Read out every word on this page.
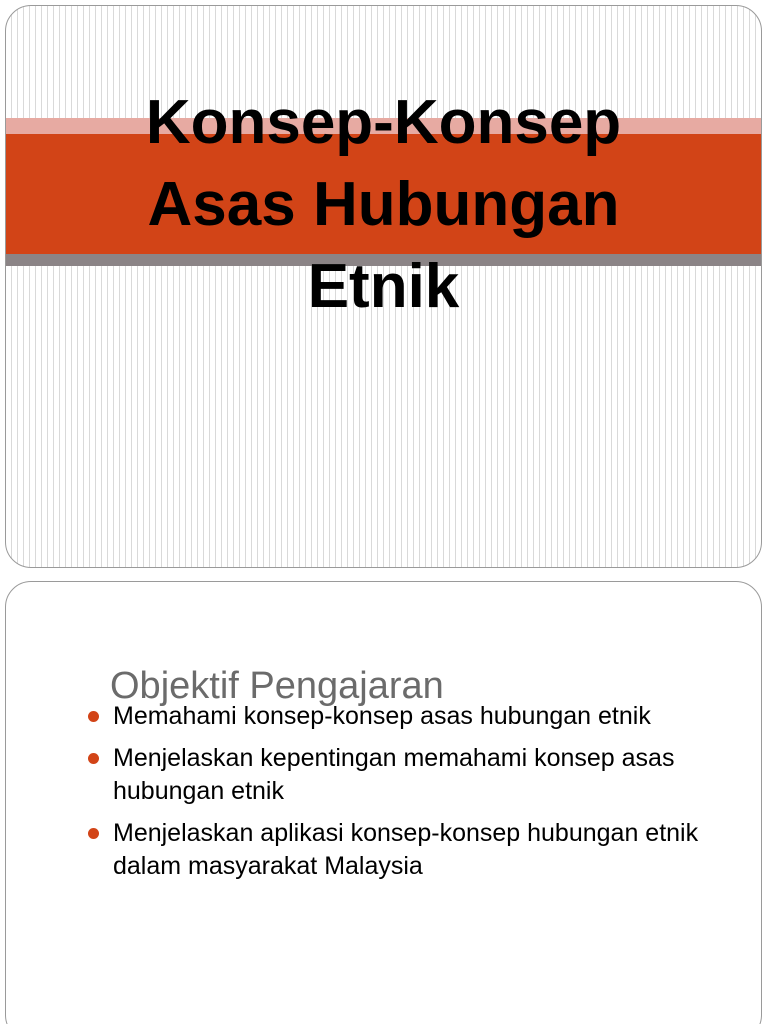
Konsep-Konsep
Asas Hubungan
Etnik
Objektif Pengajaran
Memahami konsep-konsep asas hubungan etnik
Menjelaskan kepentingan memahami konsep asas hubungan etnik
Menjelaskan aplikasi konsep-konsep hubungan etnik dalam masyarakat Malaysia
